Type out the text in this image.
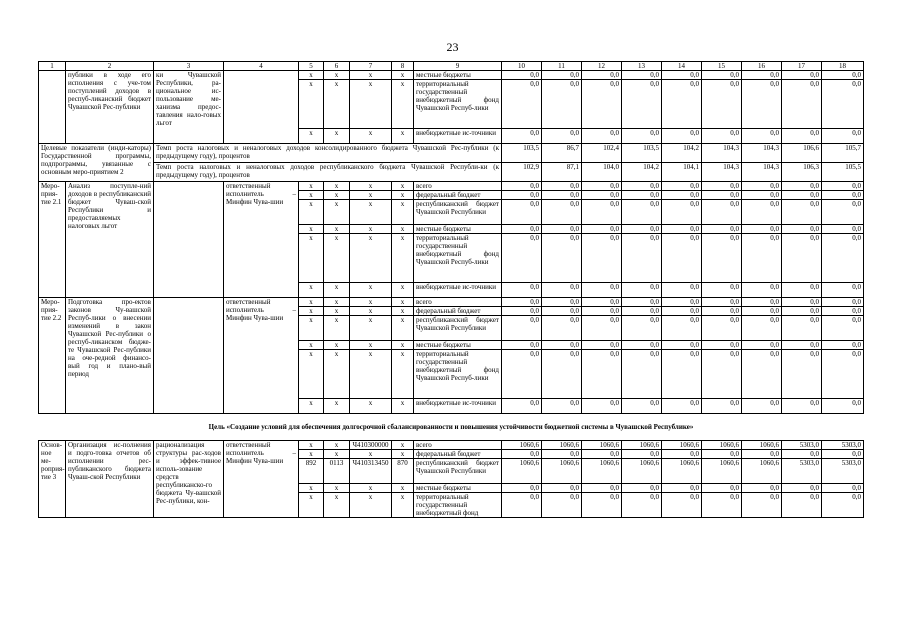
23
1	2	3	4	5	6	7	8	9	10	11	12	13	14	15	16	17	18
	публики в ходе его исполнения с уче-том поступлений доходов в респуб-ликанский бюджет Чувашской Рес-публики	ки Чувашской Республики, ра-циональное ис-пользование ме-ханизма предос-тавления нало-говых льгот		x	x	x	x	местные бюджеты	0,0	0,0	0,0	0,0	0,0	0,0	0,0	0,0	0,0
				x	x	x	x	территориальный государственный внебюджетный фонд Чувашской Респуб-лики	0,0	0,0	0,0	0,0	0,0	0,0	0,0	0,0	0,0
				x	x	x	x	внебюджетные ис-точники	0,0	0,0	0,0	0,0	0,0	0,0	0,0	0,0	0,0
Целевые показатели (инди-каторы) Государственной программы, подпрограммы, увязанные с основным меро-приятием 2		Темп роста налоговых и неналоговых доходов консолидированного бюджета Чувашской Рес-публики (к предыдущему году), процентов							103,5	86,7	102,4	103,5	104,2	104,3	104,3	106,6	105,7
		Темп роста налоговых и неналоговых доходов республиканского бюджета Чувашской Республи-ки (к предыдущему году), процентов							102,9	87,1	104,0	104,2	104,1	104,3	104,3	106,3	105,5
Меро-прия-тие 2.1	Анализ поступле-ний доходов в республиканский бюджет Чуваш-ской Республики и предоставляемых налоговых льгот		ответственный исполнитель – Минфин Чува-шии	x	x	x	x	всего	0,0	0,0	0,0	0,0	0,0	0,0	0,0	0,0	0,0
				x	x	x	x	федеральный бюджет	0,0	0,0	0,0	0,0	0,0	0,0	0,0	0,0	0,0
				x	x	x	x	республиканский бюджет Чувашской Республики	0,0	0,0	0,0	0,0	0,0	0,0	0,0	0,0	0,0
				x	x	x	x	местные бюджеты	0,0	0,0	0,0	0,0	0,0	0,0	0,0	0,0	0,0
				x	x	x	x	территориальный государственный внебюджетный фонд Чувашской Респуб-лики	0,0	0,0	0,0	0,0	0,0	0,0	0,0	0,0	0,0
				x	x	x	x	внебюджетные ис-точники	0,0	0,0	0,0	0,0	0,0	0,0	0,0	0,0	0,0
Меро-прия-тие 2.2	Подготовка про-ектов законов Чу-вашской Респуб-лики о внесении изменений в закон Чувашской Рес-публики о респуб-ликанском бюдже-те Чувашской Рес-публики на оче-редной финансо-вый год и плано-вый период		ответственный исполнитель – Минфин Чува-шии	x	x	x	x	всего	0,0	0,0	0,0	0,0	0,0	0,0	0,0	0,0	0,0
				x	x	x	x	федеральный бюджет	0,0	0,0	0,0	0,0	0,0	0,0	0,0	0,0	0,0
				x	x	x	x	республиканский бюджет Чувашской Республики	0,0	0,0	0,0	0,0	0,0	0,0	0,0	0,0	0,0
				x	x	x	x	местные бюджеты	0,0	0,0	0,0	0,0	0,0	0,0	0,0	0,0	0,0
				x	x	x	x	территориальный государственный внебюджетный фонд Чувашской Респуб-лики	0,0	0,0	0,0	0,0	0,0	0,0	0,0	0,0	0,0
				x	x	x	x	внебюджетные ис-точники	0,0	0,0	0,0	0,0	0,0	0,0	0,0	0,0	0,0
Цель «Создание условий для обеспечения долгосрочной сбалансированности и повышения устойчивости бюджетной системы в Чувашской Республике»																	
Основ-ное ме-роприя-тие 3	Организация ис-полнения и подго-товка отчетов об исполнении рес-публиканского бюджета Чуваш-ской Республики	рационализация структуры рас-ходов и эффек-тивное исполь-зование средств республиканско-го бюджета Чу-вашской Рес-публики, кон-	ответственный исполнитель – Минфин Чува-шии	x	x	Ч410300000	x	всего	1060,6	1060,6	1060,6	1060,6	1060,6	1060,6	1060,6	5303,0	5303,0
				x	x	x	x	федеральный бюджет	0,0	0,0	0,0	0,0	0,0	0,0	0,0	0,0	0,0
				892	0113	Ч410313450	870	республиканский бюджет Чувашской Республики	1060,6	1060,6	1060,6	1060,6	1060,6	1060,6	1060,6	5303,0	5303,0
				x	x	x	x	местные бюджеты	0,0	0,0	0,0	0,0	0,0	0,0	0,0	0,0	0,0
				x	x	x	x	территориальный государственный внебюджетный фонд	0,0	0,0	0,0	0,0	0,0	0,0	0,0	0,0	0,0
